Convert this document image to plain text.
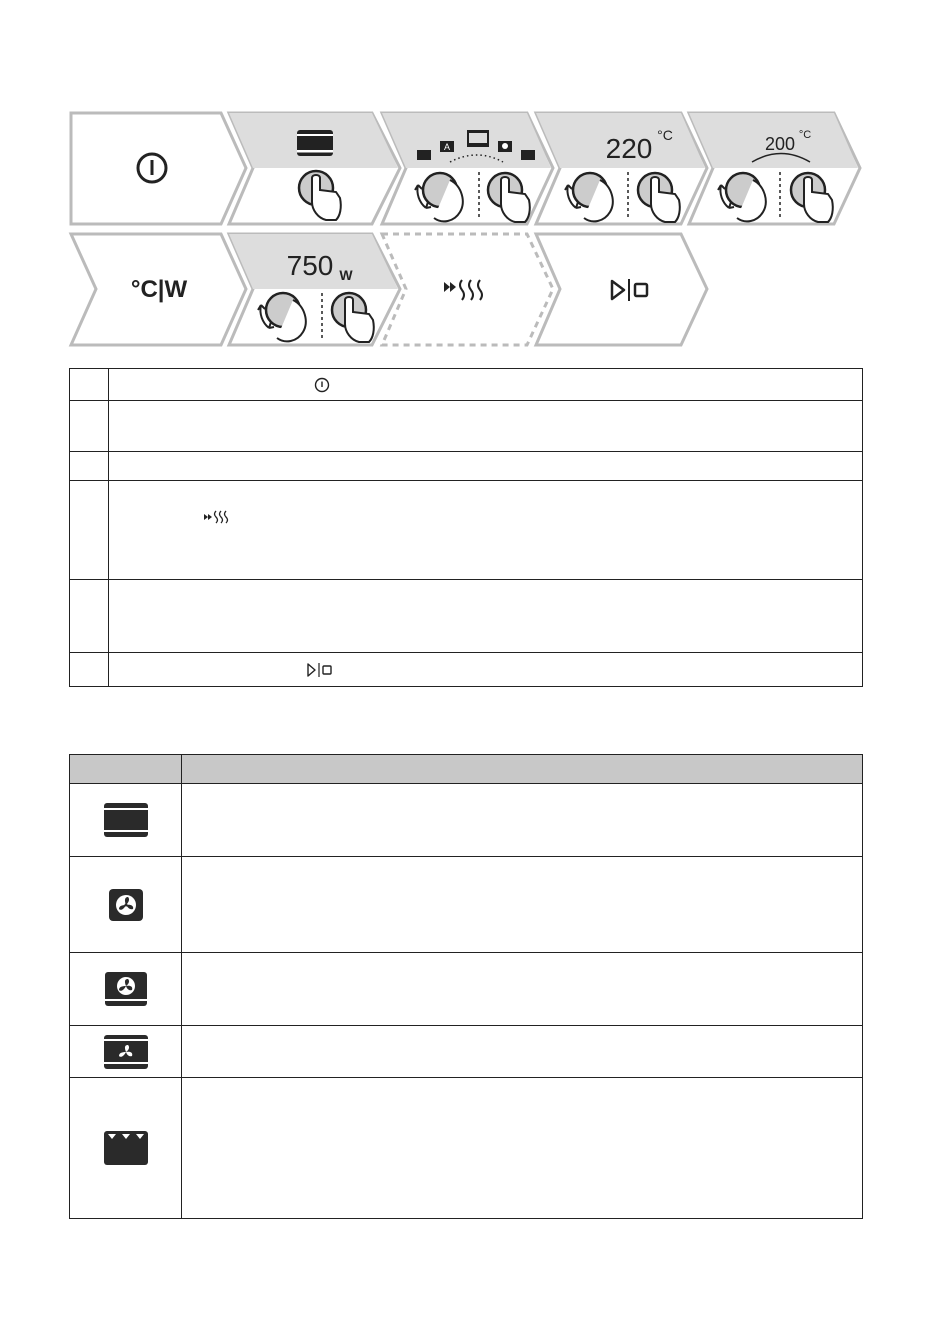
A	220 °C	200 °C
°C|W
750 W
